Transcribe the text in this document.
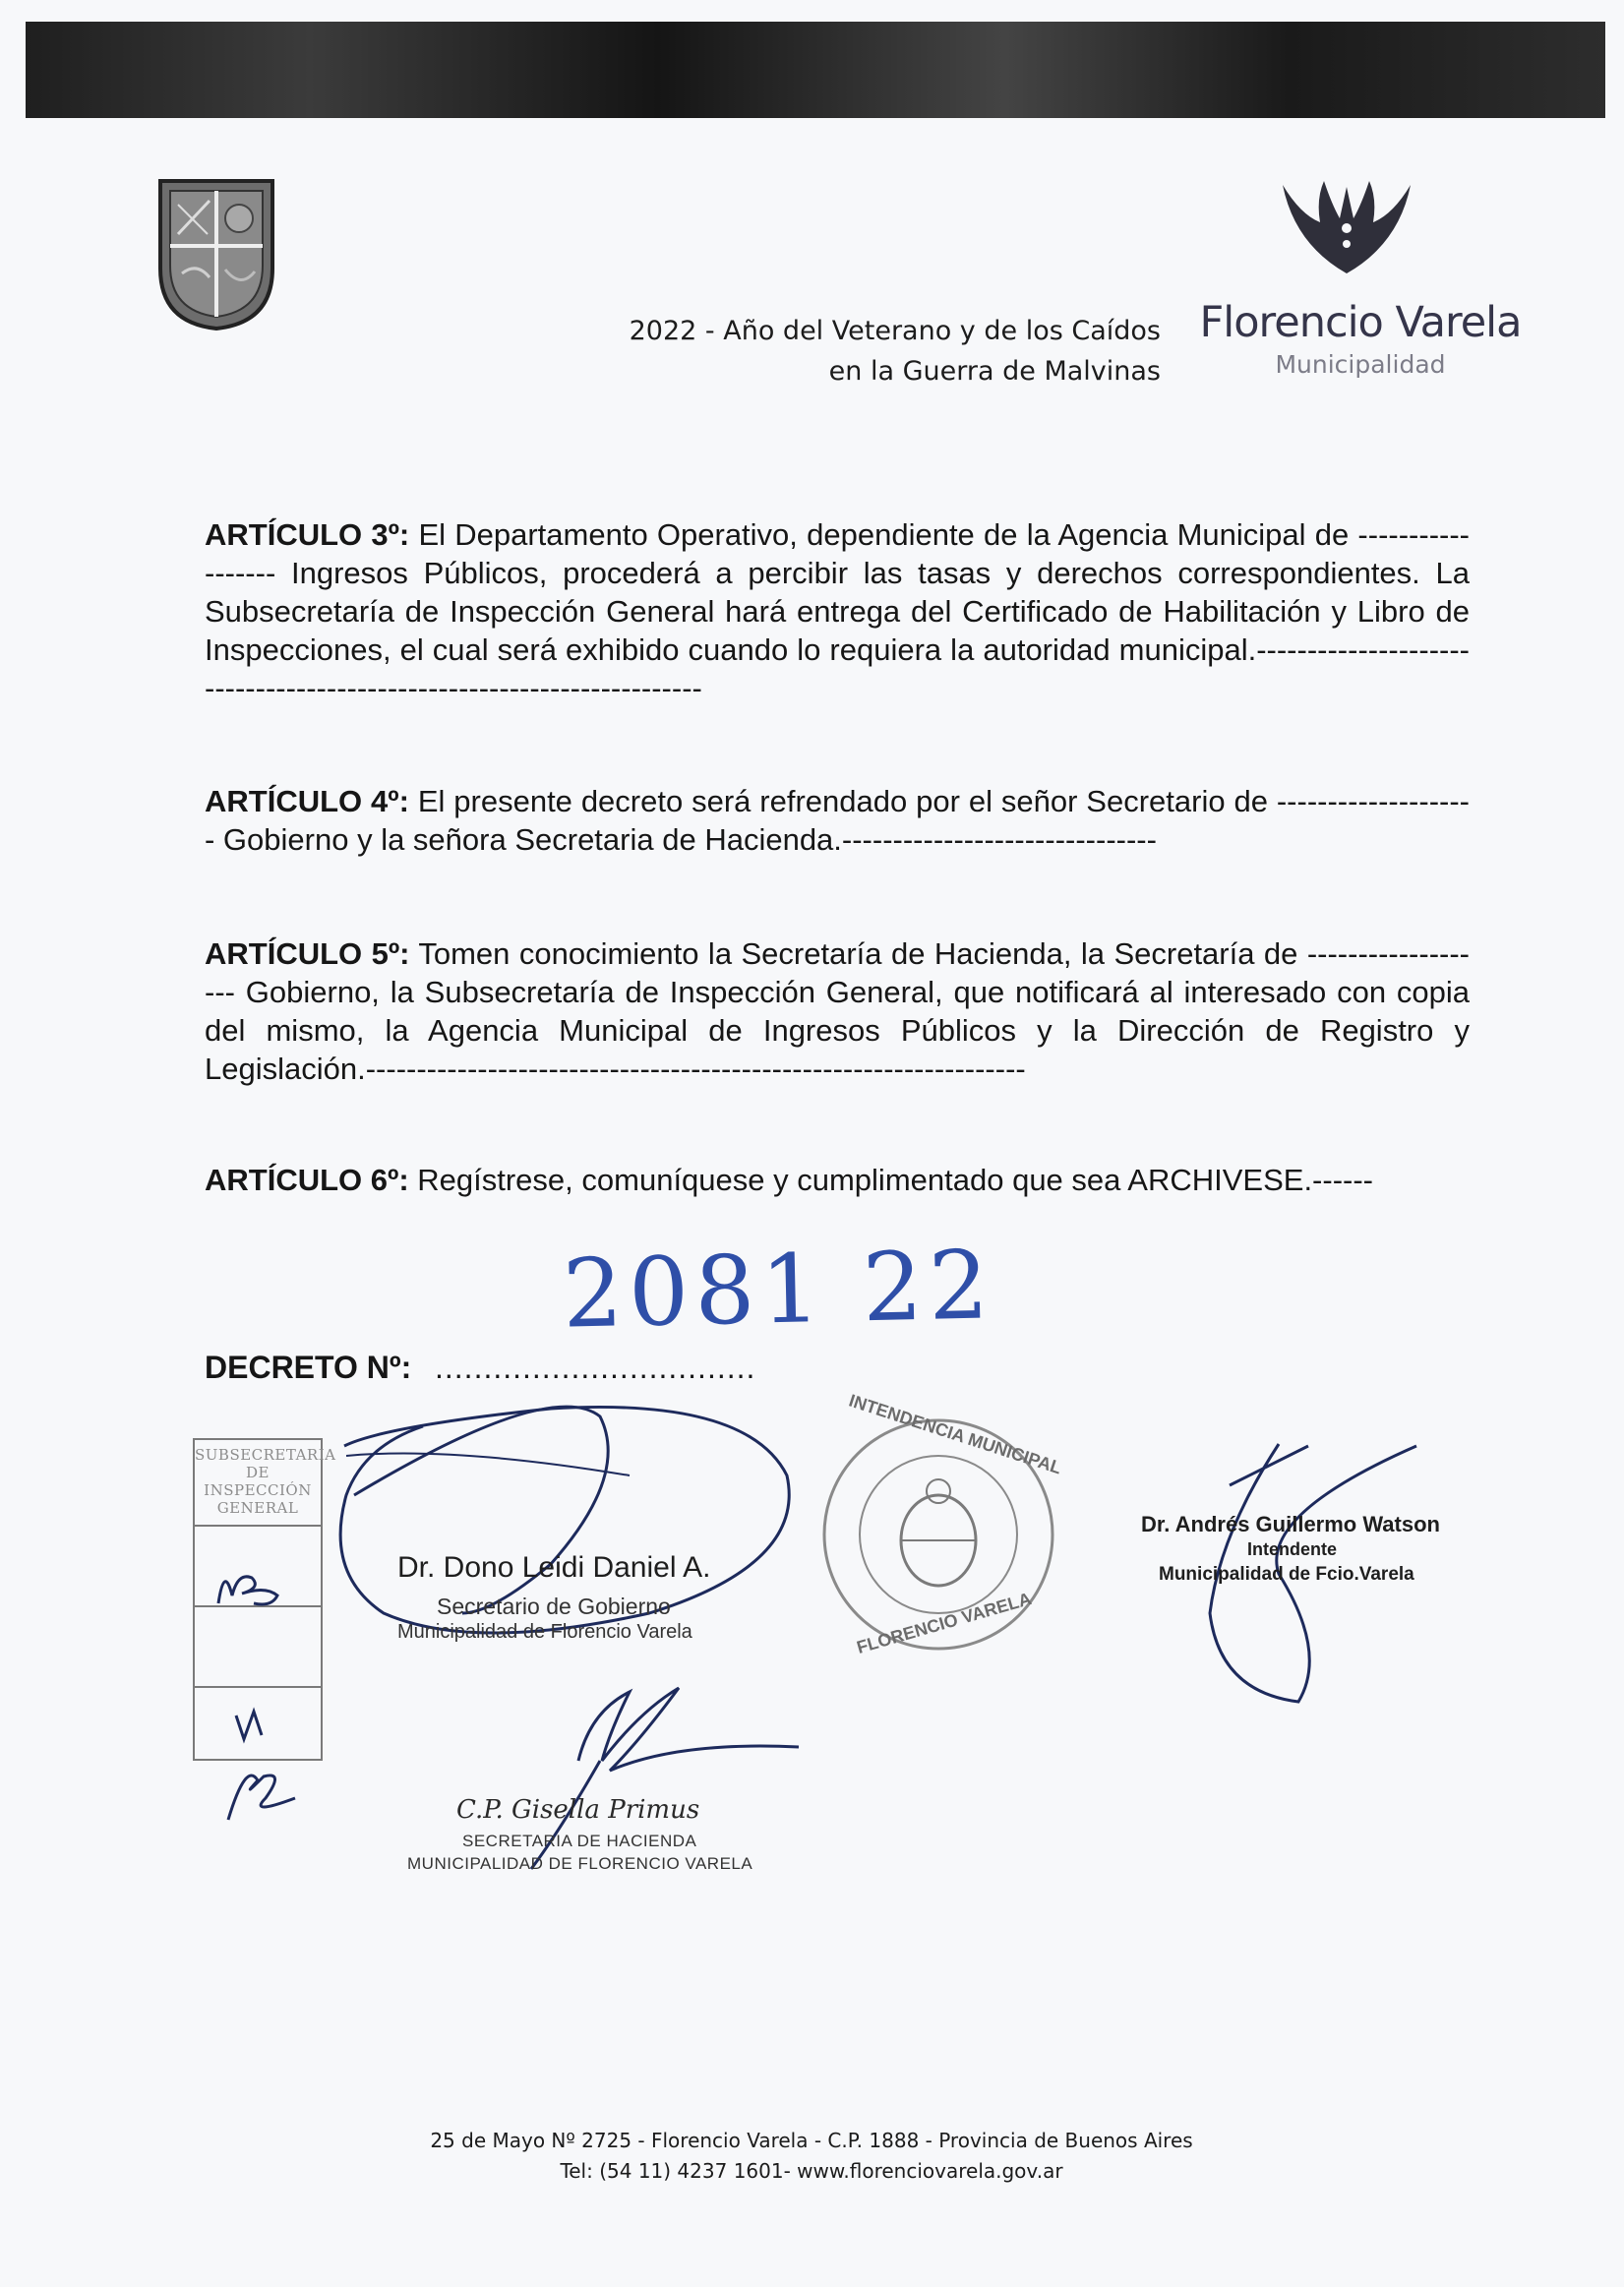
2022 - Año del Veterano y de los Caídos
en la Guerra de Malvinas
Florencio Varela
Municipalidad
ARTÍCULO 3º: El Departamento Operativo, dependiente de la Agencia Municipal de ------------------ Ingresos Públicos, procederá a percibir las tasas y derechos correspondientes. La Subsecretaría de Inspección General hará entrega del Certificado de Habilitación y Libro de Inspecciones, el cual será exhibido cuando lo requiera la autoridad municipal.----------------------------------------------------------------------
ARTÍCULO 4º: El presente decreto será refrendado por el señor Secretario de -------------------- Gobierno y la señora Secretaria de Hacienda.-------------------------------
ARTÍCULO 5º: Tomen conocimiento la Secretaría de Hacienda, la Secretaría de ------------------- Gobierno, la Subsecretaría de Inspección General, que notificará al interesado con copia del mismo, la Agencia Municipal de Ingresos Públicos y la Dirección de Registro y Legislación.-----------------------------------------------------------------
ARTÍCULO 6º: Regístrese, comuníquese y cumplimentado que sea ARCHIVESE.------
2081 22
DECRETO Nº: .................................
SUBSECRETARIA DE INSPECCIÓN GENERAL
INTENDENCIA MUNICIPAL
FLORENCIO VARELA
Dr. Dono Leidi Daniel A.
Secretario de Gobierno
Municipalidad de Florencio Varela
Dr. Andrés Guillermo Watson
Intendente
Municipalidad de Fcio.Varela
C.P. Gisella Primus
SECRETARIA DE HACIENDA
MUNICIPALIDAD DE FLORENCIO VARELA
25 de Mayo Nº 2725 - Florencio Varela - C.P. 1888 - Provincia de Buenos Aires
Tel: (54 11) 4237 1601- www.florenciovarela.gov.ar
